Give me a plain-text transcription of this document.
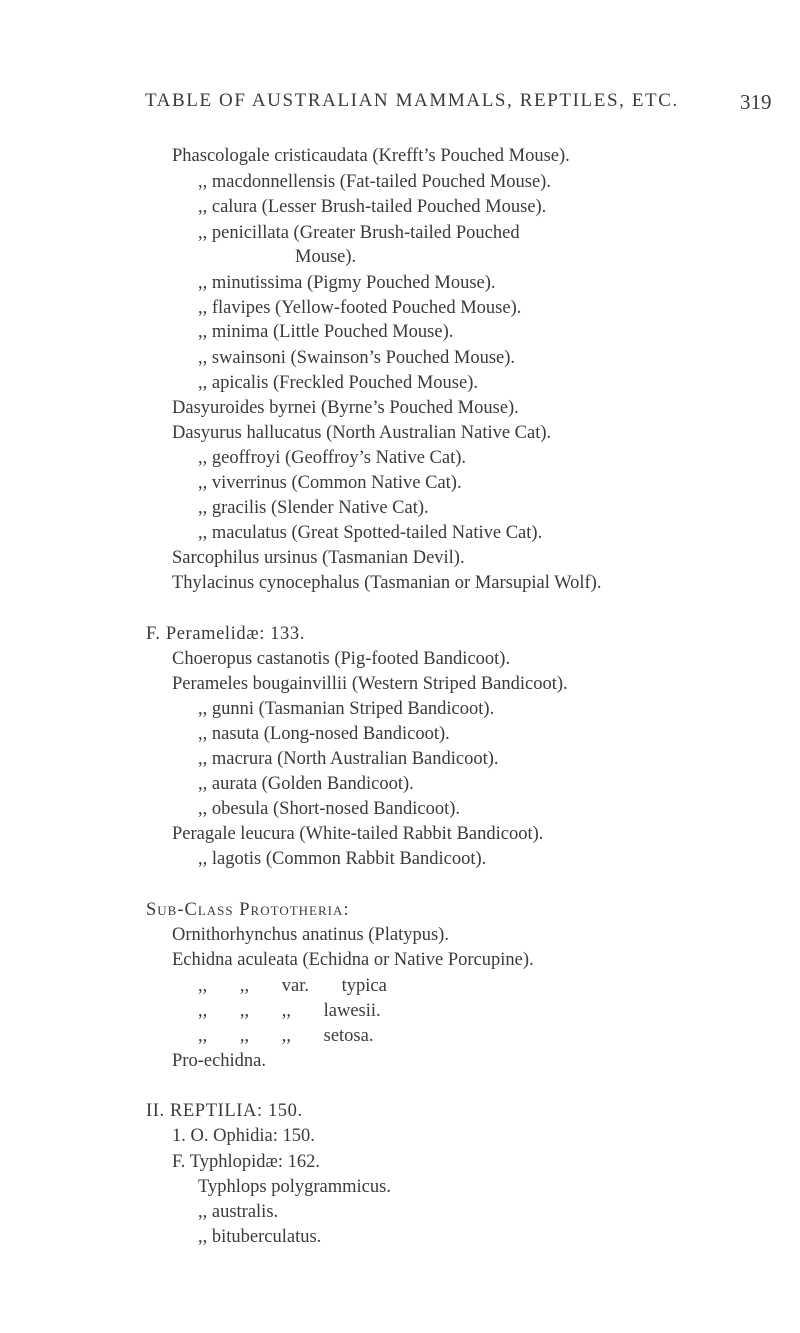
TABLE OF AUSTRALIAN MAMMALS, REPTILES, ETC.	319
Phascologale cristicaudata (Krefft’s Pouched Mouse).
,, macdonnellensis (Fat-tailed Pouched Mouse).
,, calura (Lesser Brush-tailed Pouched Mouse).
,, penicillata (Greater Brush-tailed Pouched
Mouse).
,, minutissima (Pigmy Pouched Mouse).
,, flavipes (Yellow-footed Pouched Mouse).
,, minima (Little Pouched Mouse).
,, swainsoni (Swainson’s Pouched Mouse).
,, apicalis (Freckled Pouched Mouse).
Dasyuroides byrnei (Byrne’s Pouched Mouse).
Dasyurus hallucatus (North Australian Native Cat).
,, geoffroyi (Geoffroy’s Native Cat).
,, viverrinus (Common Native Cat).
,, gracilis (Slender Native Cat).
,, maculatus (Great Spotted-tailed Native Cat).
Sarcophilus ursinus (Tasmanian Devil).
Thylacinus cynocephalus (Tasmanian or Marsupial Wolf).
F. Peramelidæ: 133.
Choeropus castanotis (Pig-footed Bandicoot).
Perameles bougainvillii (Western Striped Bandicoot).
,, gunni (Tasmanian Striped Bandicoot).
,, nasuta (Long-nosed Bandicoot).
,, macrura (North Australian Bandicoot).
,, aurata (Golden Bandicoot).
,, obesula (Short-nosed Bandicoot).
Peragale leucura (White-tailed Rabbit Bandicoot).
,, lagotis (Common Rabbit Bandicoot).
Sub-Class Prototheria:
Ornithorhynchus anatinus (Platypus).
Echidna aculeata (Echidna or Native Porcupine).
,, ,, var. typica
,, ,, ,, lawesii.
,, ,, ,, setosa.
Pro-echidna.
II. REPTILIA: 150.
1. O. Ophidia: 150.
F. Typhlopidæ: 162.
Typhlops polygrammicus.
,, australis.
,, bituberculatus.
